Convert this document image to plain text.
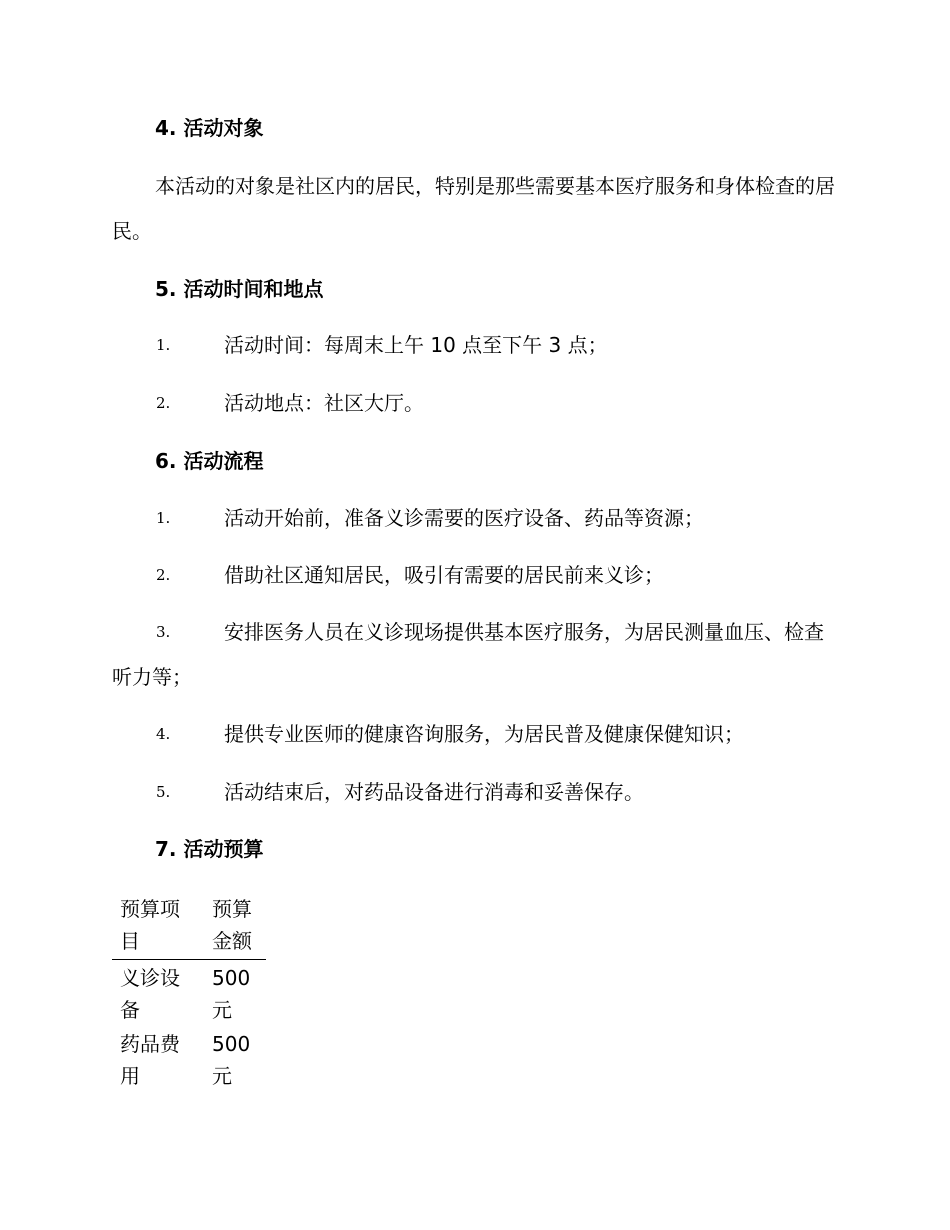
4. 活动对象
本活动的对象是社区内的居民，特别是那些需要基本医疗服务和身体检查的居民。
5. 活动时间和地点
1.	活动时间：每周末上午 10 点至下午 3 点；
2.	活动地点：社区大厅。
6. 活动流程
1.	活动开始前，准备义诊需要的医疗设备、药品等资源；
2.	借助社区通知居民，吸引有需要的居民前来义诊；
3.	安排医务人员在义诊现场提供基本医疗服务，为居民测量血压、检查听力等；
4.	提供专业医师的健康咨询服务，为居民普及健康保健知识；
5.	活动结束后，对药品设备进行消毒和妥善保存。
7. 活动预算
预算项目	预算金额
义诊设备	500元
药品费用	500元
